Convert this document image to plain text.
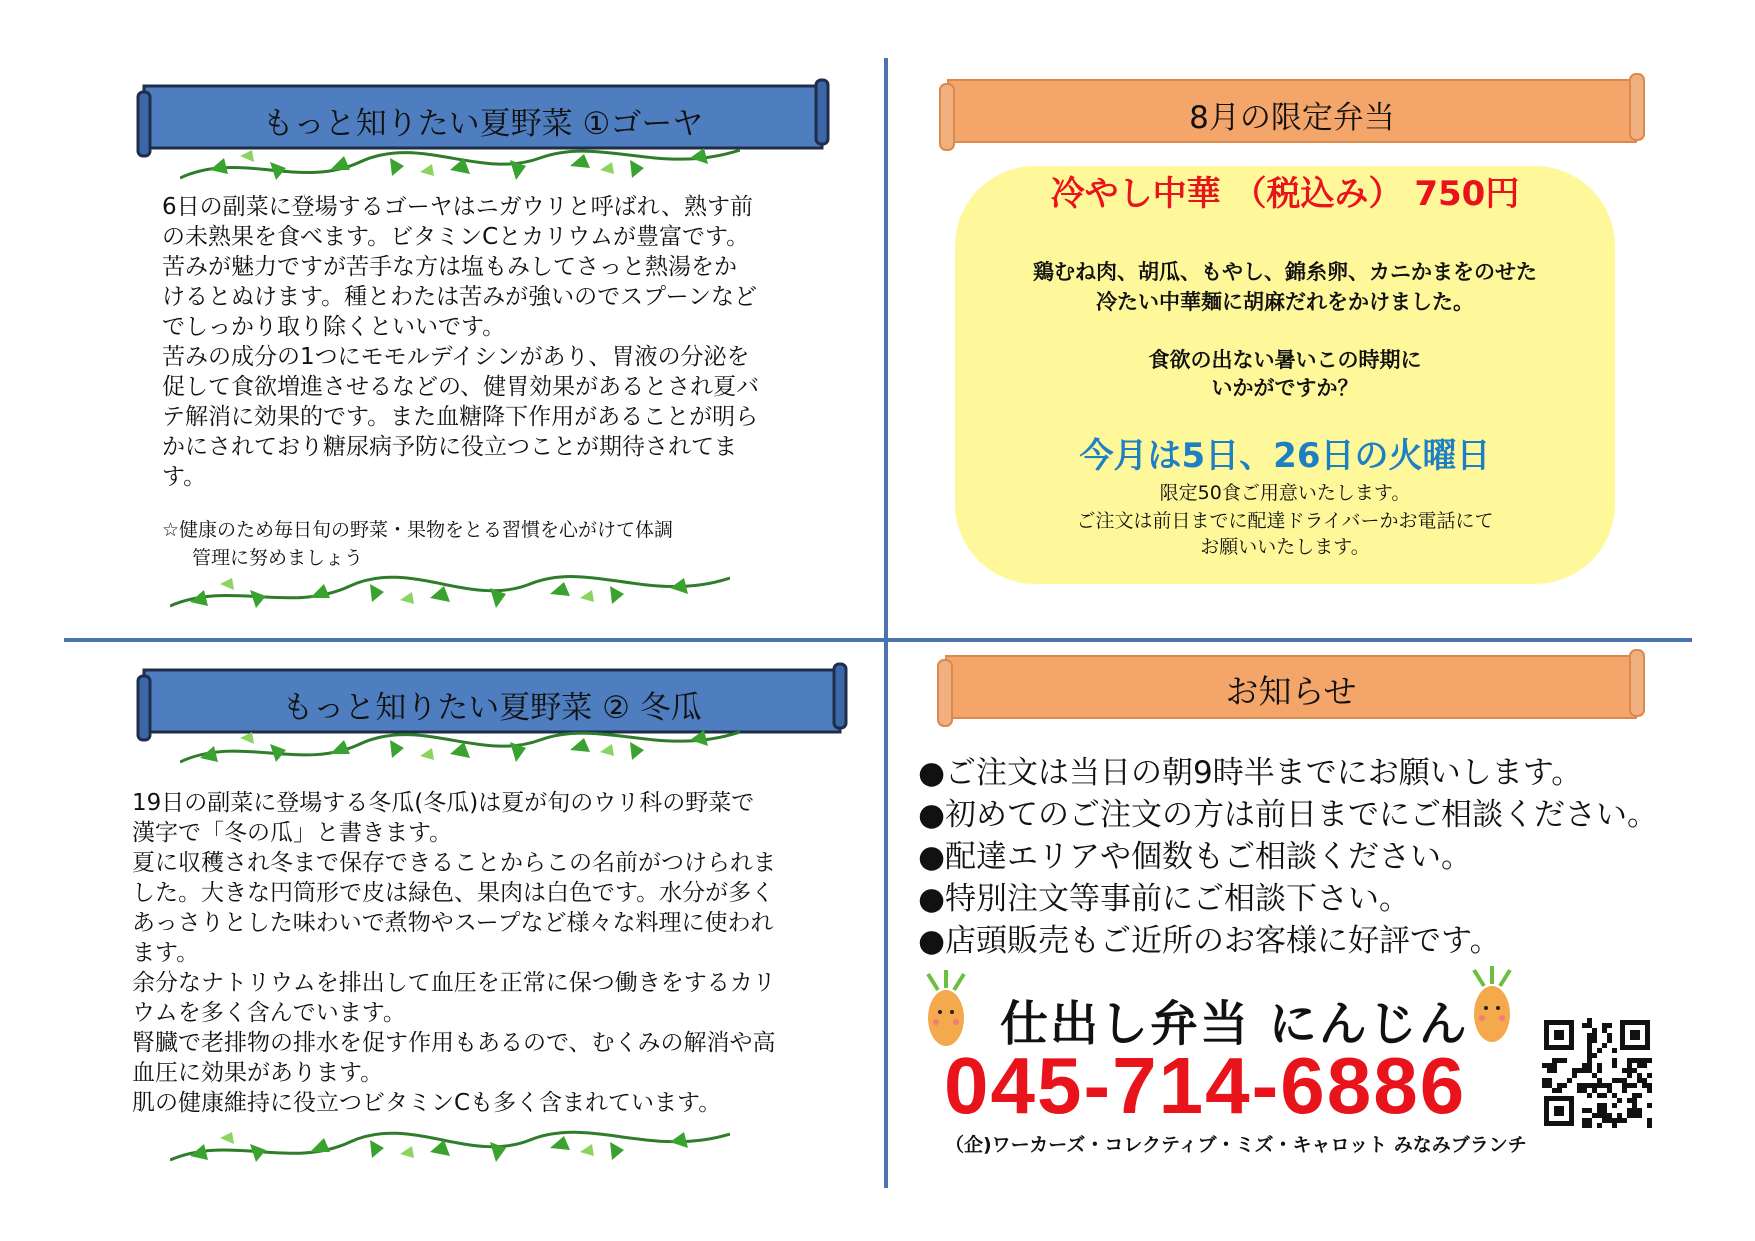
もっと知りたい夏野菜 ①ゴーヤ

6日の副菜に登場するゴーヤはニガウリと呼ばれ、熟す前

の未熟果を食べます。ビタミンCとカリウムが豊富です。

苦みが魅力ですが苦手な方は塩もみしてさっと熱湯をか

けるとぬけます。種とわたは苦みが強いのでスプーンなど

でしっかり取り除くといいです。

苦みの成分の1つにモモルデイシンがあり、胃液の分泌を

促して食欲増進させるなどの、健胃効果があるとされ夏バ

テ解消に効果的です。また血糖降下作用があることが明ら

かにされており糖尿病予防に役立つことが期待されてま

す。

☆健康のため毎日旬の野菜・果物をとる習慣を心がけて体調
管理に努めましょう
8月の限定弁当
冷やし中華 （税込み） 750円
鶏むね肉、胡瓜、もやし、錦糸卵、カニかまをのせた
冷たい中華麺に胡麻だれをかけました。
食欲の出ない暑いこの時期に
いかがですか？
今月は5日、26日の火曜日
限定50食ご用意いたします。
ご注文は前日までに配達ドライバーかお電話にて
お願いいたします。
もっと知りたい夏野菜 ② 冬瓜

19日の副菜に登場する冬瓜(冬瓜)は夏が旬のウリ科の野菜で

漢字で「冬の瓜」と書きます。

夏に収穫され冬まで保存できることからこの名前がつけられま

した。大きな円筒形で皮は緑色、果肉は白色です。水分が多く

あっさりとした味わいで煮物やスープなど様々な料理に使われ

ます。

余分なナトリウムを排出して血圧を正常に保つ働きをするカリ

ウムを多く含んでいます。

腎臓で老排物の排水を促す作用もあるので、むくみの解消や高

血圧に効果があります。

肌の健康維持に役立つビタミンCも多く含まれています。

お知らせ
●ご注文は当日の朝9時半までにお願いします。
●初めてのご注文の方は前日までにご相談ください。
●配達エリアや個数もご相談ください。
●特別注文等事前にご相談下さい。
●店頭販売もご近所のお客様に好評です。
仕出し弁当 にんじん
045-714-6886
（企)ワーカーズ・コレクティブ・ミズ・キャロット みなみブランチ
